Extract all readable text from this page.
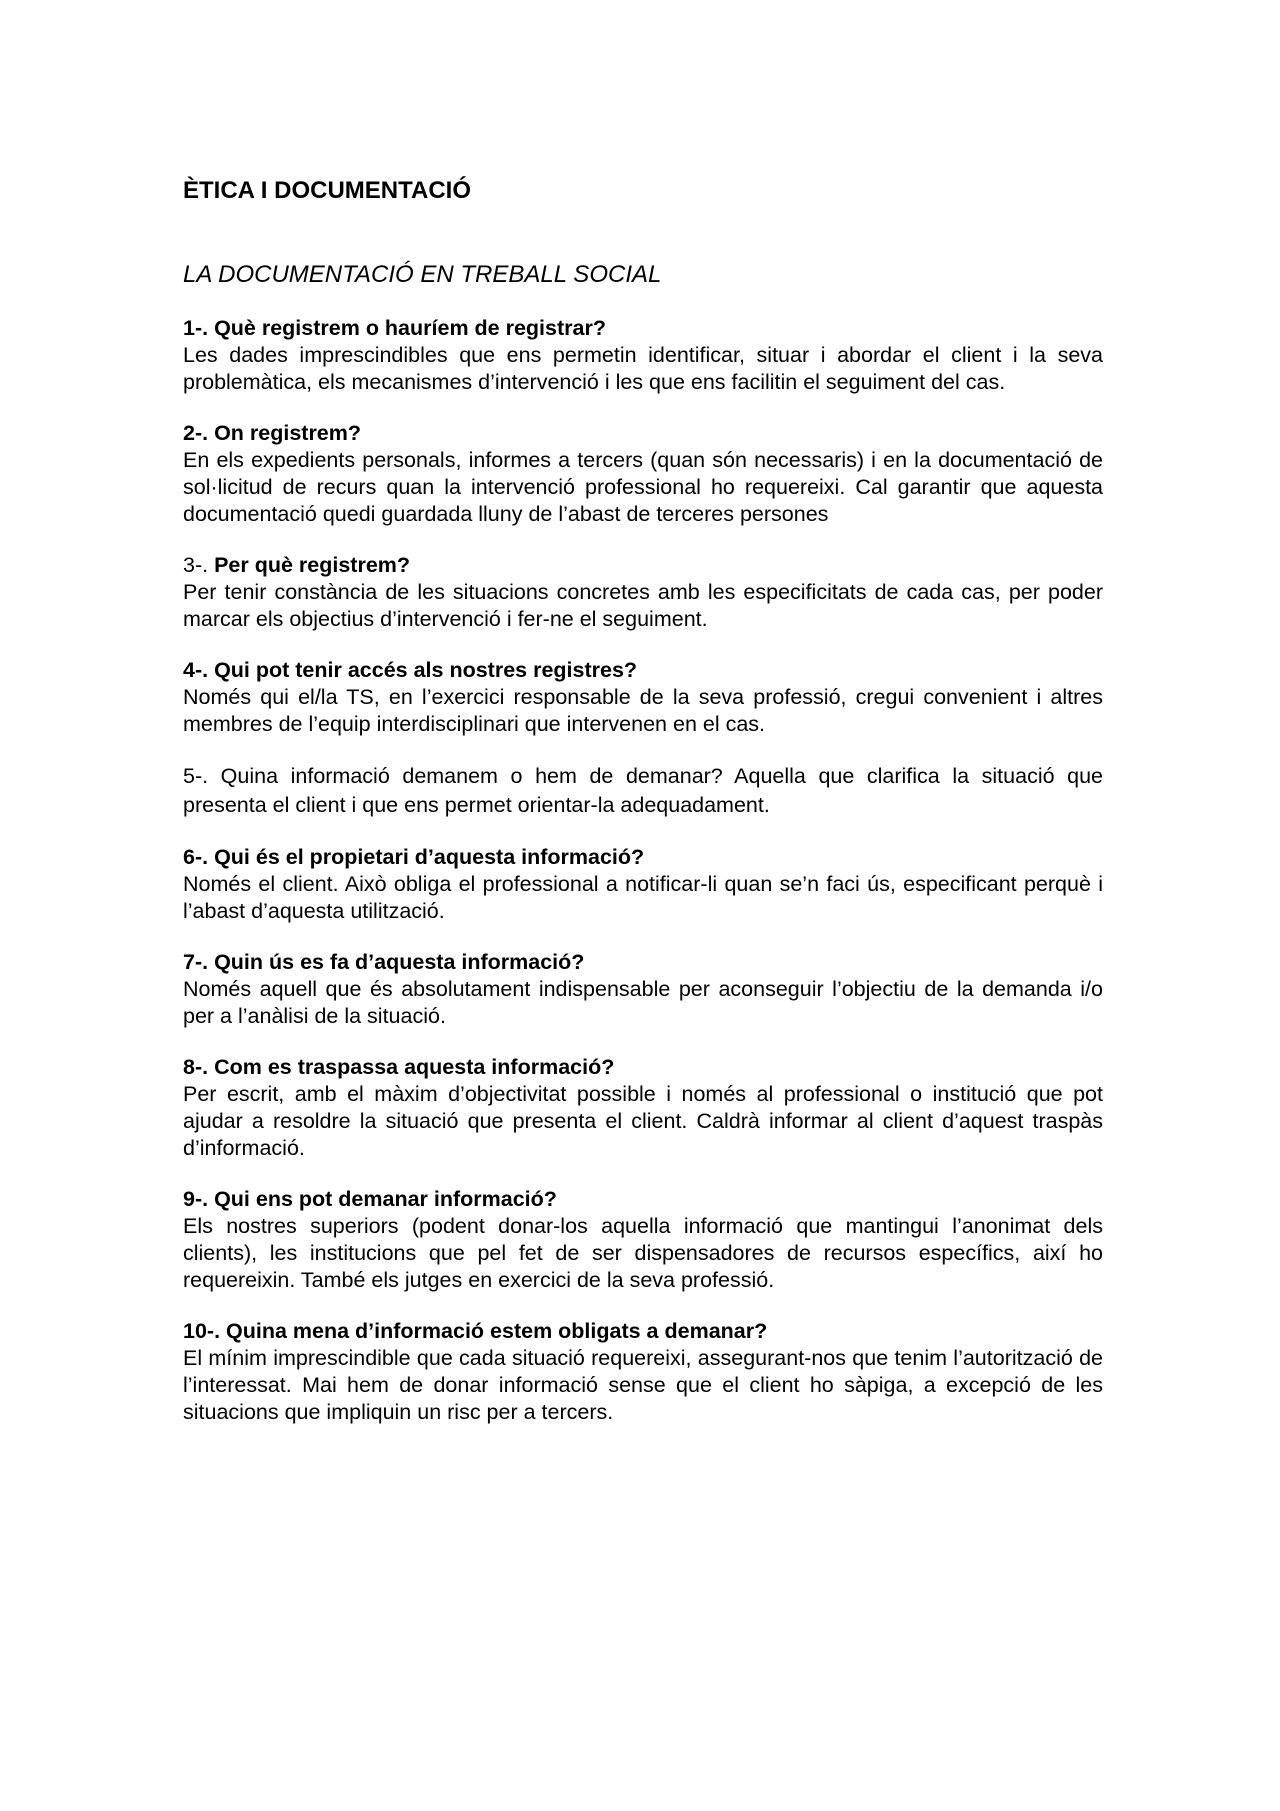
ÈTICA I DOCUMENTACIÓ
LA DOCUMENTACIÓ EN TREBALL SOCIAL

1-. Què registrem o hauríem de registrar?

Les dades imprescindibles que ens permetin identificar, situar i abordar el client i la seva problemàtica, els mecanismes d’intervenció i les que ens facilitin el seguiment del cas.

2-. On registrem?

En els expedients personals, informes a tercers (quan són necessaris) i en la documentació de sol·licitud de recurs quan la intervenció professional ho requereixi. Cal garantir que aquesta documentació quedi guardada lluny de l’abast de terceres persones

3-. Per què registrem?

Per tenir constància de les situacions concretes amb les especificitats de cada cas, per poder marcar els objectius d’intervenció i fer-ne el seguiment.

4-. Qui pot tenir accés als nostres registres?

Només qui el/la TS, en l’exercici responsable de la seva professió, cregui convenient i altres membres de l’equip interdisciplinari que intervenen en el cas.

5-. Quina informació demanem o hem de demanar? Aquella que clarifica la situació que presenta el client i que ens permet orientar-la adequadament.

6-. Qui és el propietari d’aquesta informació?

Només el client. Això obliga el professional a notificar-li quan se’n faci ús, especificant perquè i l’abast d’aquesta utilització.

7-. Quin ús es fa d’aquesta informació?

Només aquell que és absolutament indispensable per aconseguir l’objectiu de la demanda i/o per a l’anàlisi de la situació.

8-. Com es traspassa aquesta informació?

Per escrit, amb el màxim d’objectivitat possible i només al professional o institució que pot ajudar a resoldre la situació que presenta el client. Caldrà informar al client d’aquest traspàs d’informació.

9-. Qui ens pot demanar informació?

Els nostres superiors (podent donar-los aquella informació que mantingui l’anonimat dels clients), les institucions que pel fet de ser dispensadores de recursos específics, així ho requereixin. També els jutges en exercici de la seva professió.

10-. Quina mena d’informació estem obligats a demanar?

El mínim imprescindible que cada situació requereixi, assegurant-nos que tenim l’autorització de l’interessat. Mai hem de donar informació sense que el client ho sàpiga, a excepció de les situacions que impliquin un risc per a tercers.
